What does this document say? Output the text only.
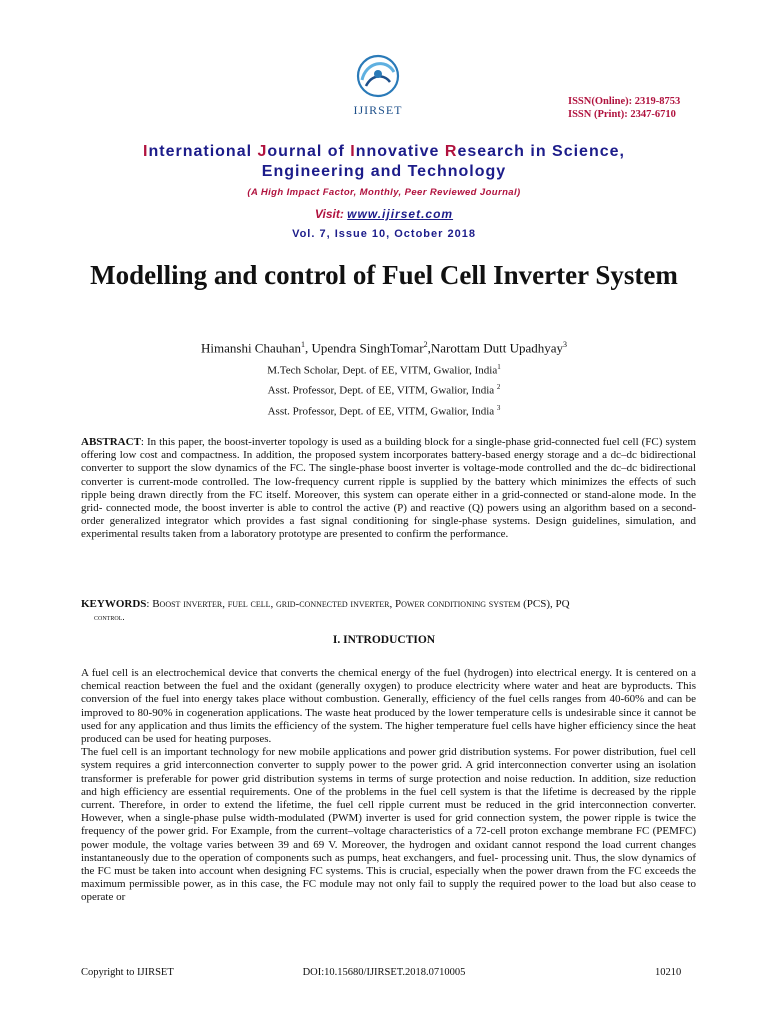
IJIRSET
ISSN(Online): 2319-8753
ISSN (Print): 2347-6710
International Journal of Innovative Research in Science,
Engineering and Technology
(A High Impact Factor, Monthly, Peer Reviewed Journal)
Visit: www.ijirset.com
Vol. 7, Issue 10, October 2018
Modelling and control of Fuel Cell Inverter System
Himanshi Chauhan$^1$, Upendra SinghTomar$^2$,Narottam Dutt Upadhyay$^3$
M.Tech Scholar, Dept. of EE, VITM, Gwalior, India$^1$
Asst. Professor, Dept. of EE, VITM, Gwalior, India $^2$
Asst. Professor, Dept. of EE, VITM, Gwalior, India $^3$
ABSTRACT: In this paper, the boost-inverter topology is used as a building block for a single-phase grid-connected fuel cell (FC) system offering low cost and compactness. In addition, the proposed system incorporates battery-based energy storage and a dc–dc bidirectional converter to support the slow dynamics of the FC. The single-phase boost inverter is voltage-mode controlled and the dc–dc bidirectional converter is current-mode controlled. The low-frequency current ripple is supplied by the battery which minimizes the effects of such ripple being drawn directly from the FC itself. Moreover, this system can operate either in a grid-connected or stand-alone mode. In the grid- connected mode, the boost inverter is able to control the active (P) and reactive (Q) powers using an algorithm based on a second-order generalized integrator which provides a fast signal conditioning for single-phase systems. Design guidelines, simulation, and experimental results taken from a laboratory prototype are presented to confirm the performance.
KEYWORDS: Boost inverter, fuel cell, grid-connected inverter, Power conditioning system (PCS), PQ
control.
I. INTRODUCTION

A fuel cell is an electrochemical device that converts the chemical energy of the fuel (hydrogen) into electrical energy. It is centered on a chemical reaction between the fuel and the oxidant (generally oxygen) to produce electricity where water and heat are byproducts. This conversion of the fuel into energy takes place without combustion. Generally, efficiency of the fuel cells ranges from 40-60% and can be improved to 80-90% in cogeneration applications. The waste heat produced by the lower temperature cells is undesirable since it cannot be used for any application and thus limits the efficiency of the system. The higher temperature fuel cells have higher efficiency since the heat produced can be used for heating purposes.

The fuel cell is an important technology for new mobile applications and power grid distribution systems. For power distribution, fuel cell system requires a grid interconnection converter to supply power to the power grid. A grid interconnection converter using an isolation transformer is preferable for power grid distribution systems in terms of surge protection and noise reduction. In addition, size reduction and high efficiency are essential requirements. One of the problems in the fuel cell system is that the lifetime is decreased by the ripple current. Therefore, in order to extend the lifetime, the fuel cell ripple current must be reduced in the grid interconnection converter. However, when a single-phase pulse width-modulated (PWM) inverter is used for grid connection system, the power ripple is twice the frequency of the power grid. For Example, from the current–voltage characteristics of a 72-cell proton exchange membrane FC (PEMFC) power module, the voltage varies between 39 and 69 V. Moreover, the hydrogen and oxidant cannot respond the load current changes instantaneously due to the operation of components such as pumps, heat exchangers, and fuel- processing unit. Thus, the slow dynamics of the FC must be taken into account when designing FC systems. This is crucial, especially when the power drawn from the FC exceeds the maximum permissible power, as in this case, the FC module may not only fail to supply the required power to the load but also cease to operate or

Copyright to IJIRSET	DOI:10.15680/IJIRSET.2018.0710005	10210
